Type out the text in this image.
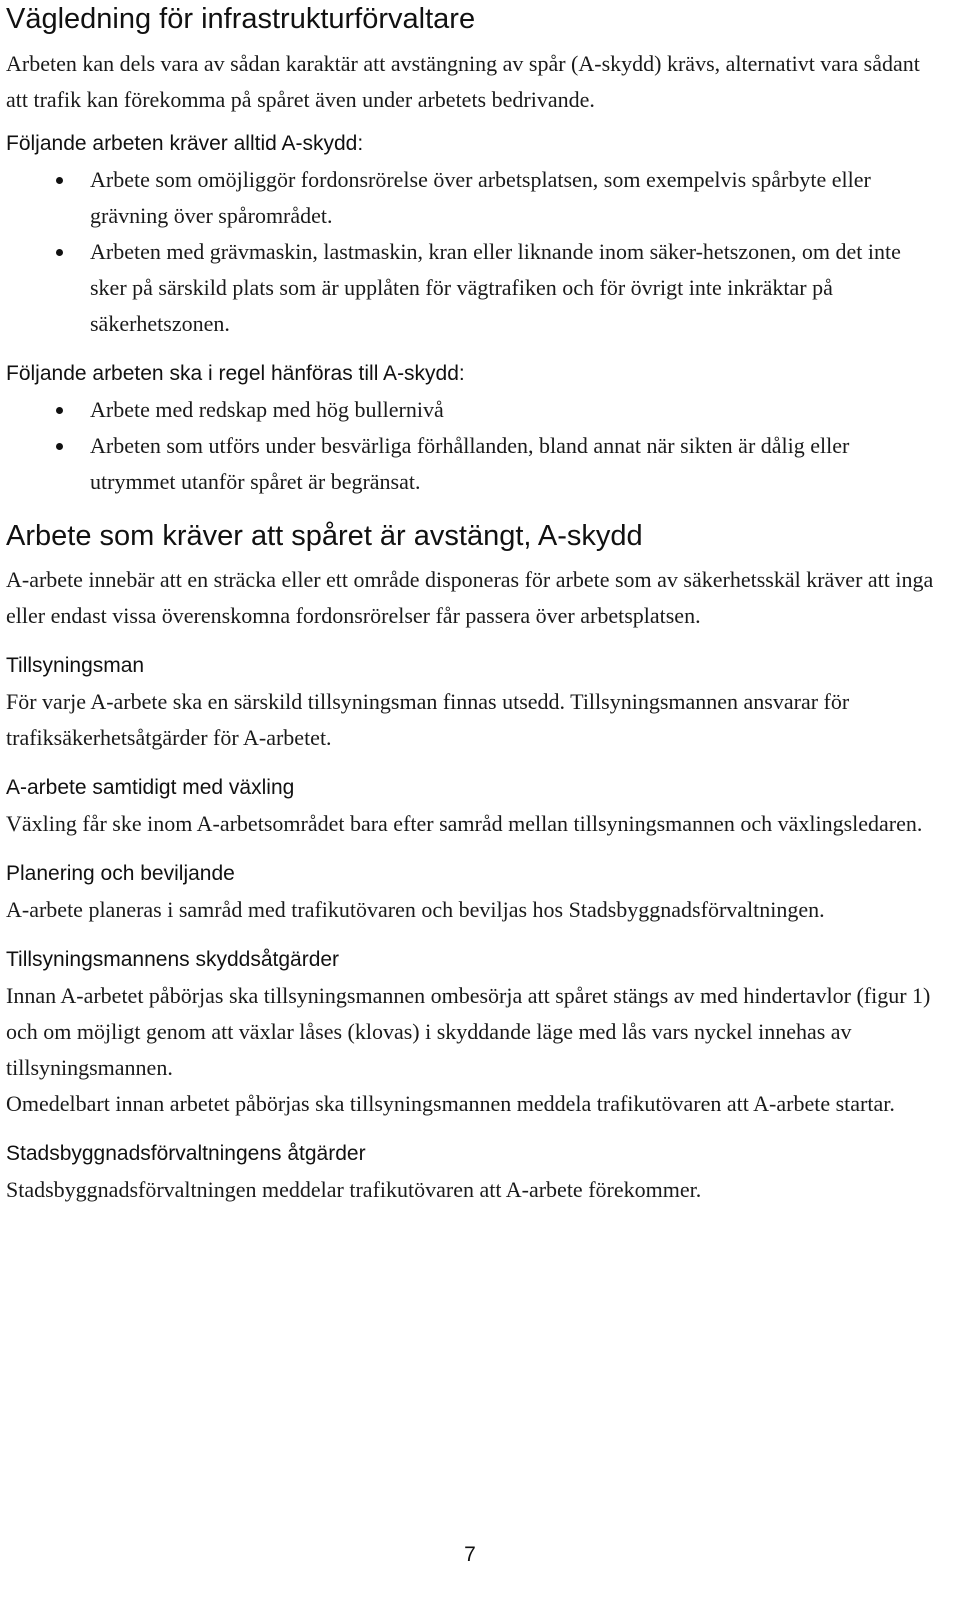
Vägledning för infrastrukturförvaltare

Arbeten kan dels vara av sådan karaktär att avstängning av spår (A-skydd) krävs, alternativt vara sådant att trafik kan förekomma på spåret även under arbetets bedrivande.

Följande arbeten kräver alltid A-skydd:
Arbete som omöjliggör fordonsrörelse över arbetsplatsen, som exempelvis spårbyte eller grävning över spårområdet.
Arbeten med grävmaskin, lastmaskin, kran eller liknande inom säker-hetszonen, om det inte sker på särskild plats som är upplåten för vägtrafiken och för övrigt inte inkräktar på säkerhetszonen.
Följande arbeten ska i regel hänföras till A-skydd:
Arbete med redskap med hög bullernivå
Arbeten som utförs under besvärliga förhållanden, bland annat när sikten är dålig eller utrymmet utanför spåret är begränsat.
Arbete som kräver att spåret är avstängt, A-skydd

A-arbete innebär att en sträcka eller ett område disponeras för arbete som av säkerhetsskäl kräver att inga eller endast vissa överenskomna fordonsrörelser får passera över arbetsplatsen.

Tillsyningsman

För varje A-arbete ska en särskild tillsyningsman finnas utsedd. Tillsyningsmannen ansvarar för trafiksäkerhetsåtgärder för A-arbetet.

A-arbete samtidigt med växling

Växling får ske inom A-arbetsområdet bara efter samråd mellan tillsyningsmannen och växlingsledaren.

Planering och beviljande

A-arbete planeras i samråd med trafikutövaren och beviljas hos Stadsbyggnadsförvaltningen.

Tillsyningsmannens skyddsåtgärder

Innan A-arbetet påbörjas ska tillsyningsmannen ombesörja att spåret stängs av med hindertavlor (figur 1) och om möjligt genom att växlar låses (klovas) i skyddande läge med lås vars nyckel innehas av tillsyningsmannen.

Omedelbart innan arbetet påbörjas ska tillsyningsmannen meddela trafikutövaren att A-arbete startar.

Stadsbyggnadsförvaltningens åtgärder

Stadsbyggnadsförvaltningen meddelar trafikutövaren att A-arbete förekommer.

7
